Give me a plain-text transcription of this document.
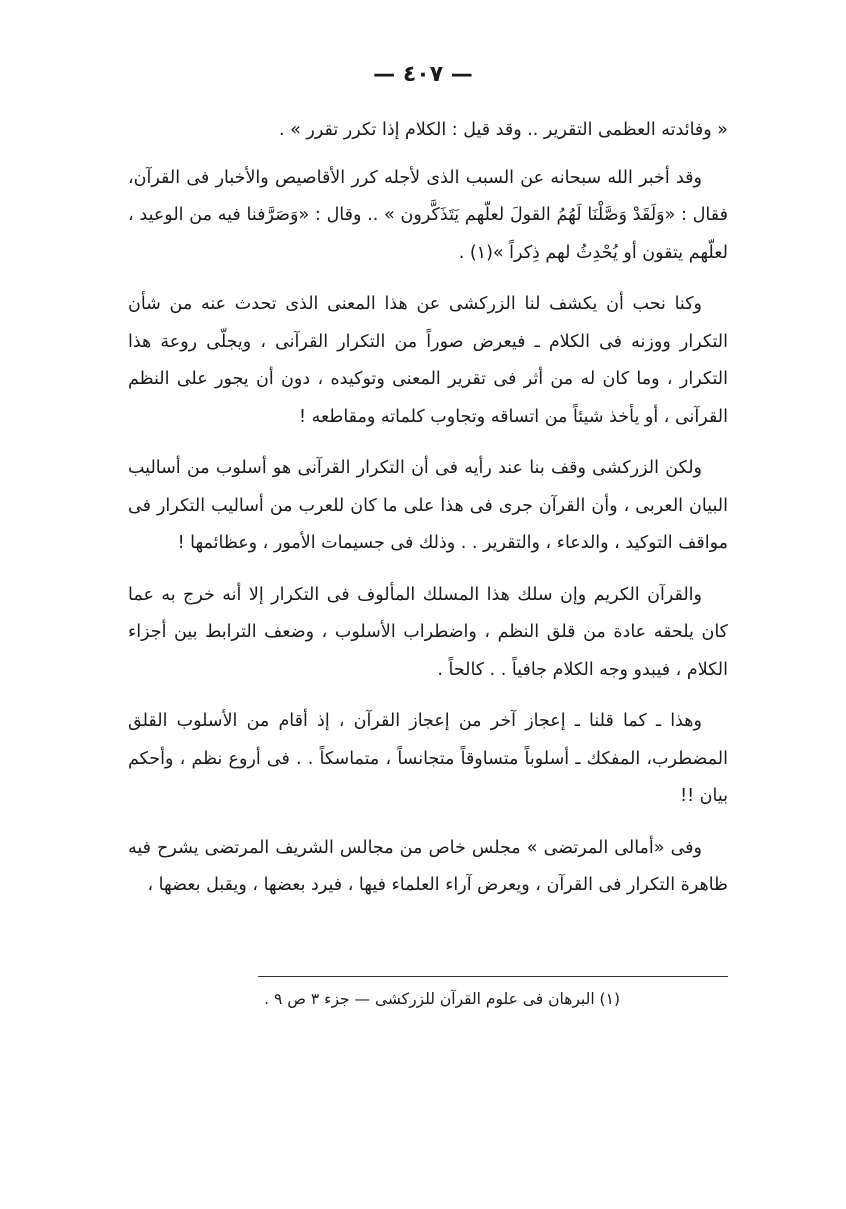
— ٤٠٧ —

« وفائدته العظمى التقرير .. وقد قيل : الكلام إذا تكرر تقرر » .

وقد أخبر الله سبحانه عن السبب الذى لأجله كرر الأقاصيص والأخبار فى القرآن، فقال : «وَلَقَدْ وَصَّلْنَا لَهُمُ القولَ لعلّهم يَتَذَكَّرون » .. وقال : «وَصَرَّفنا فيه من الوعيد ، لعلّهم يتقون أو يُحْدِثُ لهم ذِكراً »(١) .

وكنا نحب أن يكشف لنا الزركشى عن هذا المعنى الذى تحدث عنه من شأن التكرار ووزنه فى الكلام ـ فيعرض صوراً من التكرار القرآنى ، ويجلّى روعة هذا التكرار ، وما كان له من أثر فى تقرير المعنى وتوكيده ، دون أن يجور على النظم القرآنى ، أو يأخذ شيئاً من اتساقه وتجاوب كلماته ومقاطعه !

ولكن الزركشى وقف بنا عند رأيه فى أن التكرار القرآنى هو أسلوب من أساليب البيان العربى ، وأن القرآن جرى فى هذا على ما كان للعرب من أساليب التكرار فى مواقف التوكيد ، والدعاء ، والتقرير . . وذلك فى جسيمات الأمور ، وعظائمها !

والقرآن الكريم وإن سلك هذا المسلك المألوف فى التكرار إلا أنه خرج به عما كان يلحقه عادة من قلق النظم ، واضطراب الأسلوب ، وضعف الترابط بين أجزاء الكلام ، فيبدو وجه الكلام جافياً . . كالحاً .

وهذا ـ كما قلنا ـ إعجاز آخر من إعجاز القرآن ، إذ أقام من الأسلوب القلق المضطرب، المفكك ـ أسلوباً متساوقاً متجانساً ، متماسكاً . . فى أروع نظم ، وأحكم بيان !!

وفى «أمالى المرتضى » مجلس خاص من مجالس الشريف المرتضى يشرح فيه ظاهرة التكرار فى القرآن ، ويعرض آراء العلماء فيها ، فيرد بعضها ، ويقبل بعضها ،

(١) البرهان فى علوم القرآن للزركشى — جزء ٣ ص ٩ .
